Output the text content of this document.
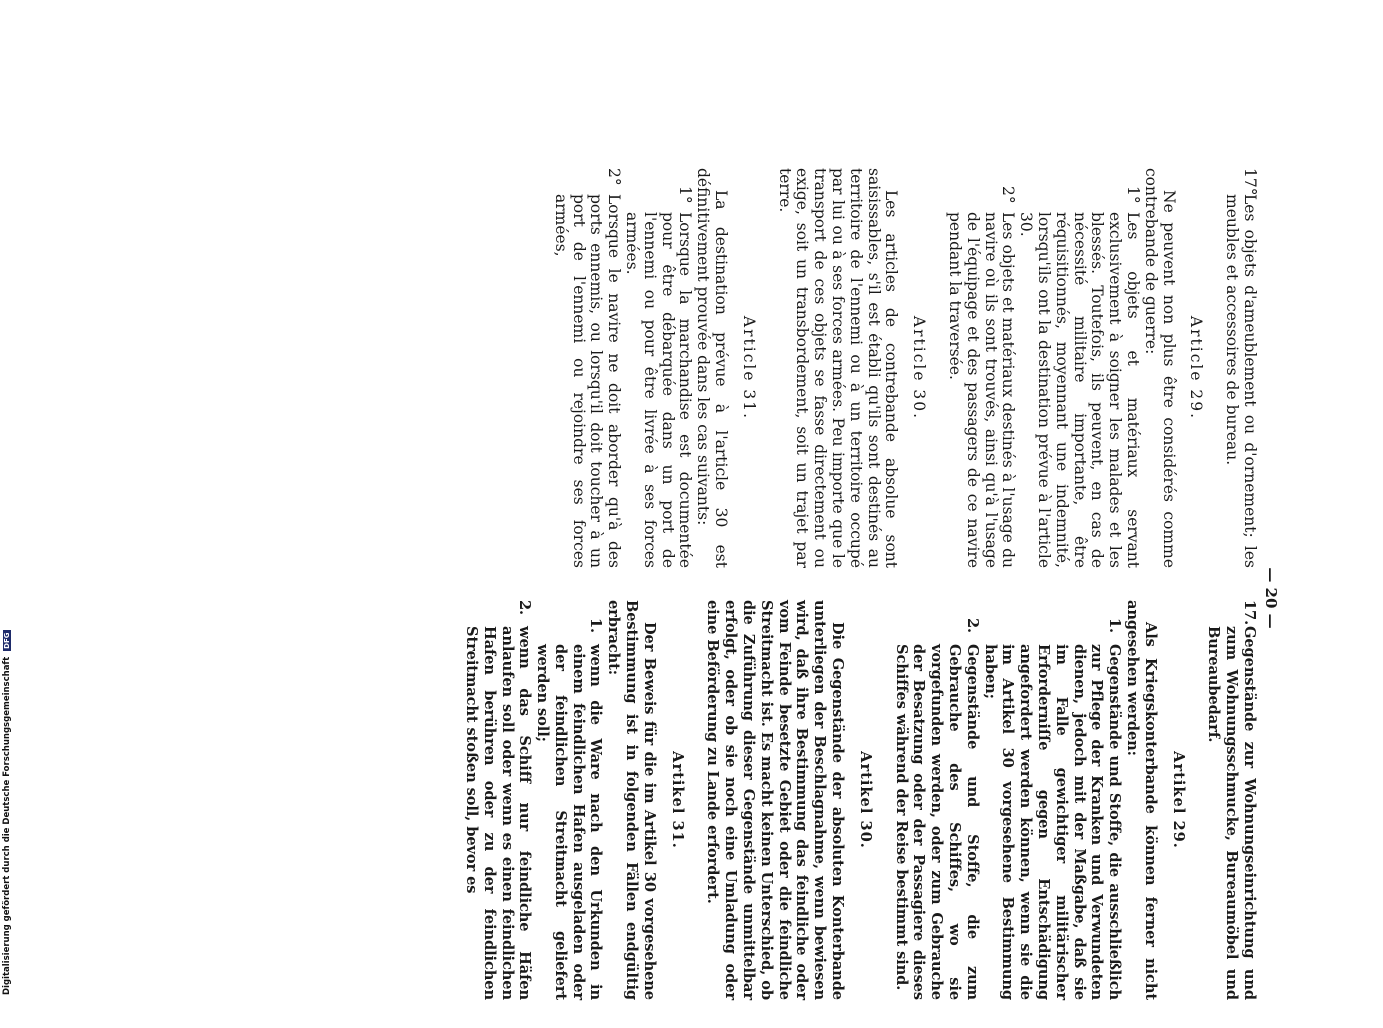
— 20 —
17°
Les objets d'ameublement ou d'ornement; les meubles et accessoires de bureau.
Article 29.

Ne peuvent non plus être considérés comme contrebande de guerre:

1°
Les objets et matériaux servant exclusivement à soigner les malades et les blessés. Toutefois, ils peuvent, en cas de nécessité militaire importante, être réquisitionnés, moyennant une indemnité, lorsqu'ils ont la destination prévue à l'article 30.
2°
Les objets et matériaux destinés à l'usage du navire où ils sont trouvés, ainsi qu'à l'usage de l'équipage et des passagers de ce navire pendant la traversée.
Article 30.

Les articles de contrebande absolue sont saisissables, s'il est établi qu'ils sont destinés au territoire de l'ennemi ou à un territoire occupé par lui ou à ses forces armées. Peu importe que le transport de ces objets se fasse directement ou exige, soit un transbordement, soit un trajet par terre.

Article 31.

La destination prévue à l'article 30 est définitivement prouvée dans les cas suivants:

1°
Lorsque la marchandise est documentée pour être débarquée dans un port de l'ennemi ou pour être livrée à ses forces armées.
2°
Lorsque le navire ne doit aborder qu'à des ports ennemis, ou lorsqu'il doit toucher à un port de l'ennemi ou rejoindre ses forces armées,
17.
Gegenstände zur Wohnungseinrichtung und zum Wohnungsschmucke, Bureaumöbel und Bureaubedarf.
Artikel 29.

Als Kriegskonterbande können ferner nicht angesehen werden:

1.
Gegenstände und Stoffe, die ausschließlich zur Pflege der Kranken und Verwundeten dienen, jedoch mit der Maßgabe, daß sie im Falle gewichtiger militärischer Erforderniſſe gegen Entschädigung angefordert werden können, wenn sie die im Artikel 30 vorgesehene Bestimmung haben;
2.
Gegenstände und Stoffe, die zum Gebrauche des Schiffes, wo sie vorgefunden werden, oder zum Gebrauche der Besatzung oder der Passagiere dieses Schiffes während der Reise bestimmt sind.
Artikel 30.

Die Gegenstände der absoluten Konterbande unterliegen der Beschlagnahme, wenn bewiesen wird, daß ihre Bestimmung das feindliche oder vom Feinde besetzte Gebiet oder die feindliche Streitmacht ist. Es macht keinen Unterschied, ob die Zuführung dieser Gegenstände unmittelbar erfolgt, oder ob sie noch eine Umladung oder eine Beförderung zu Lande erfordert.

Artikel 31.

Der Beweis für die im Artikel 30 vorgesehene Bestimmung ist in folgenden Fällen endgültig erbracht:

1.
wenn die Ware nach den Urkunden in einem feindlichen Hafen ausgeladen oder der feindlichen Streitmacht geliefert werden soll;
2.
wenn das Schiff nur feindliche Häfen anlaufen soll oder wenn es einen feindlichen Hafen berühren oder zu der feindlichen Streitmacht stoßen soll, bevor es
Digitalisierung gefördert durch die Deutsche Forschungsgemeinschaft DFG
